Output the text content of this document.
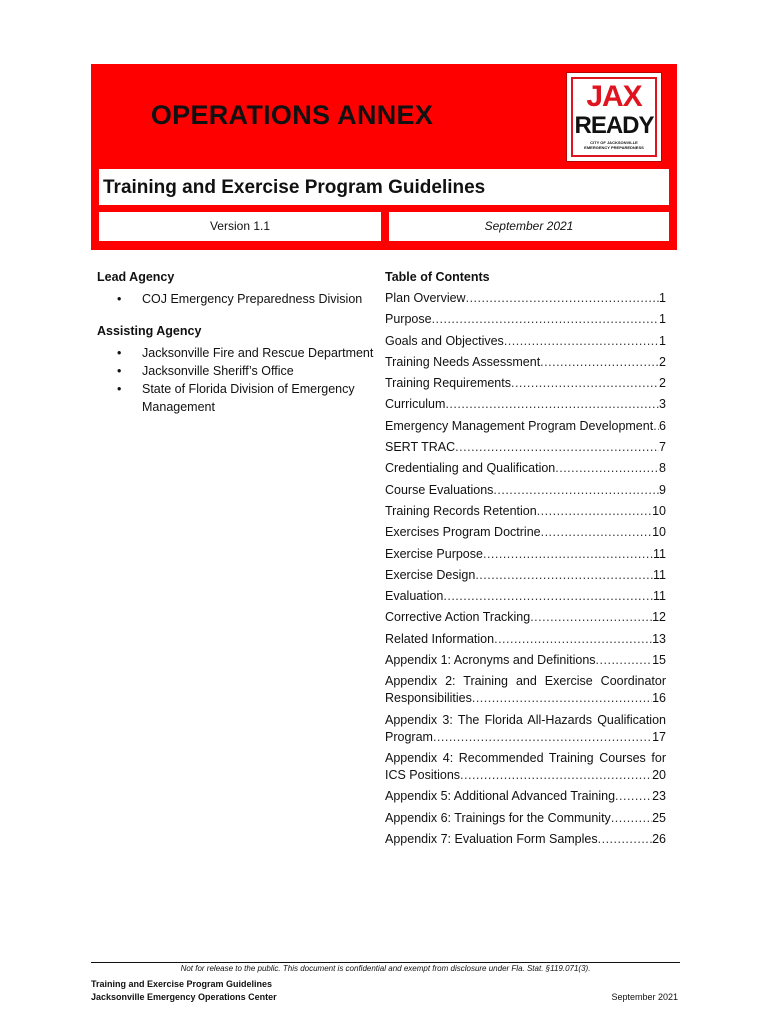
OPERATIONS ANNEX
JAX
READY
CITY OF JACKSONVILLE
EMERGENCY PREPAREDNESS
Training and Exercise Program Guidelines
Version 1.1	September 2021
Lead Agency
• COJ Emergency Preparedness Division
Assisting Agency
• Jacksonville Fire and Rescue Department
• Jacksonville Sheriff’s Office
• State of Florida Division of Emergency Management
Table of Contents
Plan Overview .....	1
Purpose .....	1
Goals and Objectives .....	1
Training Needs Assessment .....	2
Training Requirements .....	2
Curriculum .....	3
Emergency Management Program Development ..... 6
SERT TRAC .....	7
Credentialing and Qualification .....	8
Course Evaluations .....	9
Training Records Retention .....	10
Exercises Program Doctrine .....	10
Exercise Purpose .....	11
Exercise Design .....	11
Evaluation .....	11
Corrective Action Tracking .....	12
Related Information .....	13
Appendix 1: Acronyms and Definitions .....	15
Appendix 2: Training and Exercise Coordinator
Responsibilities .....	16
Appendix 3: The Florida All-Hazards Qualification
Program .....	17
Appendix 4: Recommended Training Courses for
ICS Positions .....	20
Appendix 5: Additional Advanced Training .....	23
Appendix 6: Trainings for the Community .....	25
Appendix 7: Evaluation Form Samples .....	26
Not for release to the public. This document is confidential and exempt from disclosure under Fla. Stat. §119.071(3).
Training and Exercise Program Guidelines
Jacksonville Emergency Operations Center	September 2021
